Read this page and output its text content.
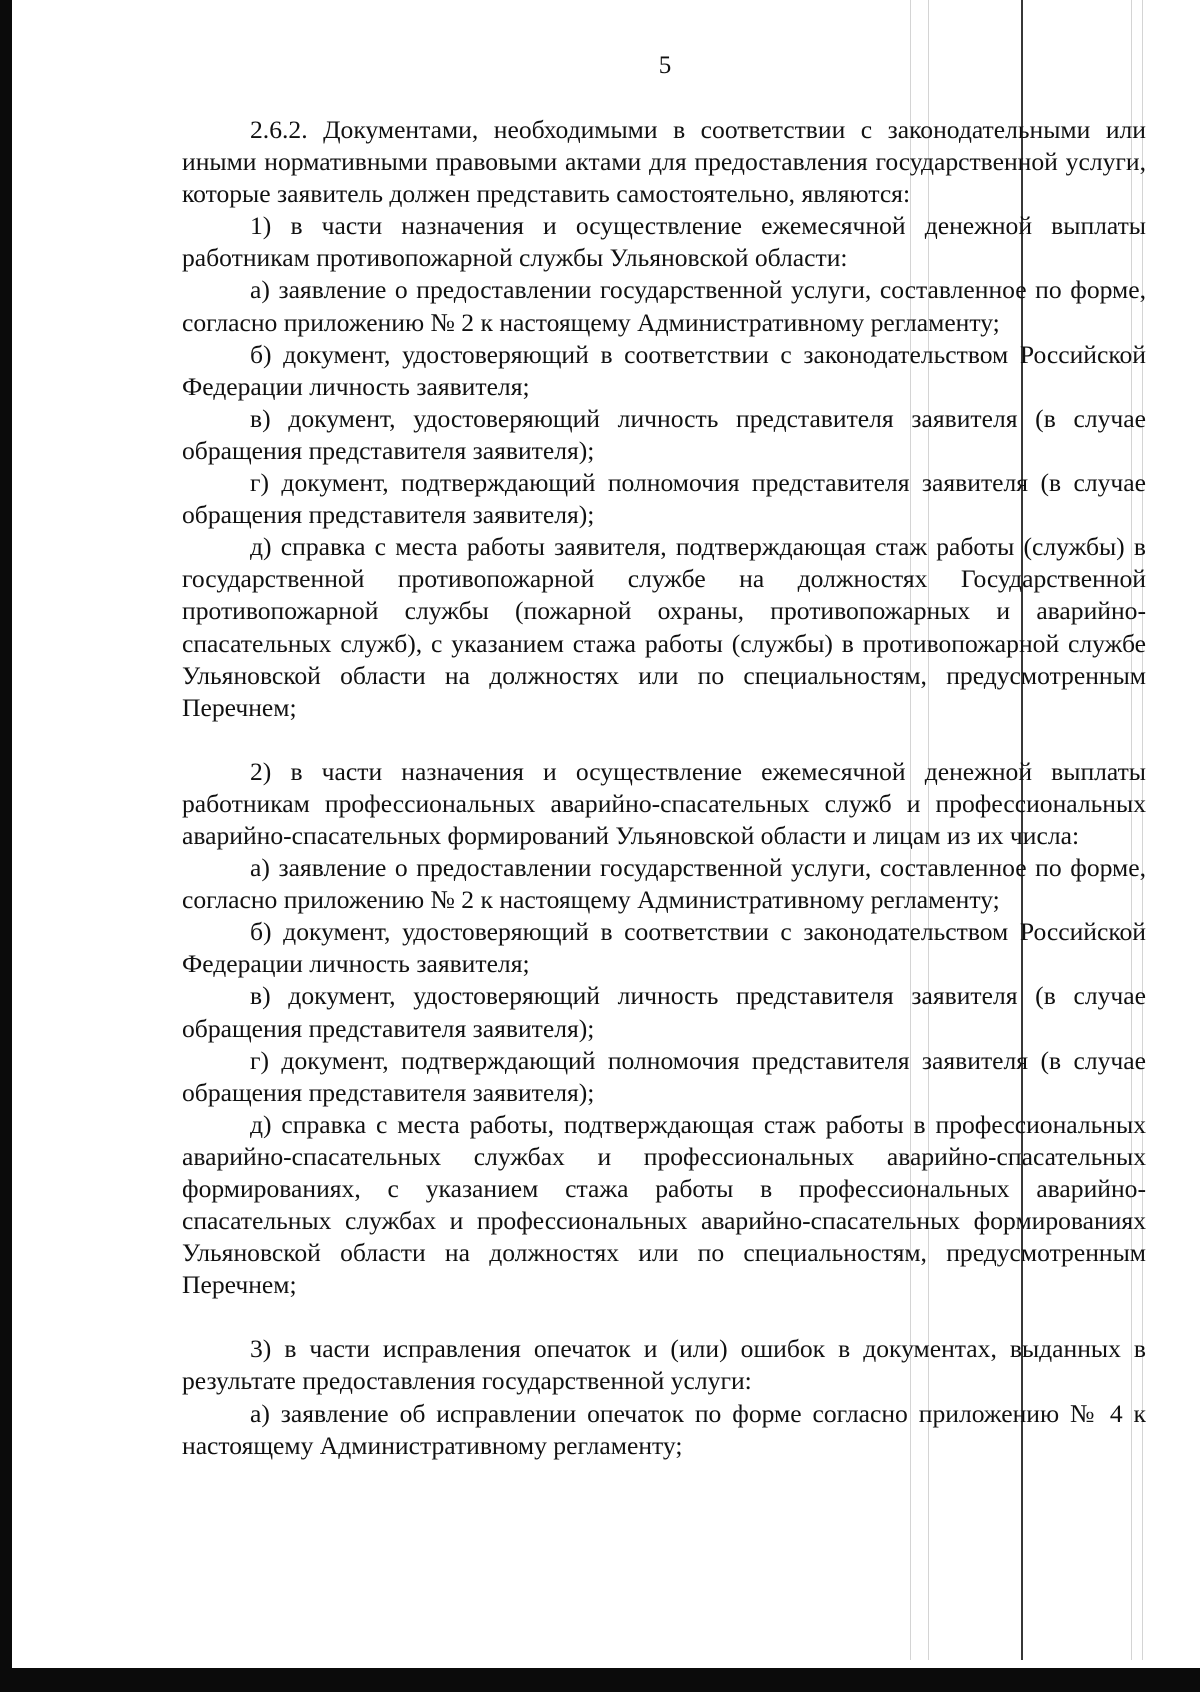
5

2.6.2. Документами, необходимыми в соответствии с законодательными или иными нормативными правовыми актами для предоставления государственной услуги, которые заявитель должен представить самостоятельно, являются:

1) в части назначения и осуществление ежемесячной денежной выплаты работникам противопожарной службы Ульяновской области:

а) заявление о предоставлении государственной услуги, составленное по форме, согласно приложению № 2 к настоящему Административному регламенту;

б) документ, удостоверяющий в соответствии с законодательством Российской Федерации личность заявителя;

в) документ, удостоверяющий личность представителя заявителя (в случае обращения представителя заявителя);

г) документ, подтверждающий полномочия представителя заявителя (в случае обращения представителя заявителя);

д) справка с места работы заявителя, подтверждающая стаж работы (службы) в государственной противопожарной службе на должностях Государственной противопожарной службы (пожарной охраны, противопожарных и аварийно-спасательных служб), с указанием стажа работы (службы) в противопожарной службе Ульяновской области на должностях или по специальностям, предусмотренным Перечнем;

2) в части назначения и осуществление ежемесячной денежной выплаты работникам профессиональных аварийно-спасательных служб и профессиональных аварийно-спасательных формирований Ульяновской области и лицам из их числа:

а) заявление о предоставлении государственной услуги, составленное по форме, согласно приложению № 2 к настоящему Административному регламенту;

б) документ, удостоверяющий в соответствии с законодательством Российской Федерации личность заявителя;

в) документ, удостоверяющий личность представителя заявителя (в случае обращения представителя заявителя);

г) документ, подтверждающий полномочия представителя заявителя (в случае обращения представителя заявителя);

д) справка с места работы, подтверждающая стаж работы в профессиональных аварийно-спасательных службах и профессиональных аварийно-спасательных формированиях, с указанием стажа работы в профессиональных аварийно-спасательных службах и профессиональных аварийно-спасательных формированиях Ульяновской области на должностях или по специальностям, предусмотренным Перечнем;

3) в части исправления опечаток и (или) ошибок в документах, выданных в результате предоставления государственной услуги:

а) заявление об исправлении опечаток по форме согласно приложению № 4 к настоящему Административному регламенту;
